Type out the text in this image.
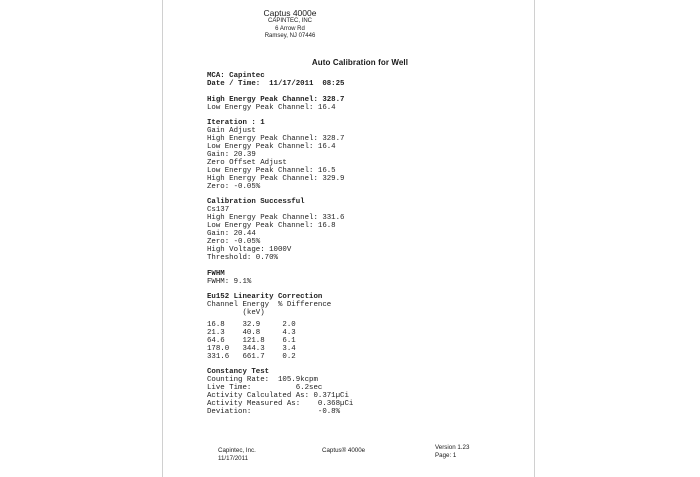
Captus 4000e
CAPINTEC, INC
6 Arrow Rd
Ramsey, NJ 07446
Auto Calibration for Well
MCA: Capintec
Date / Time:  11/17/2011  08:25
High Energy Peak Channel: 328.7
Low Energy Peak Channel: 16.4
Iteration : 1
Gain Adjust
High Energy Peak Channel: 328.7
Low Energy Peak Channel: 16.4
Gain: 20.39
Zero Offset Adjust
Low Energy Peak Channel: 16.5
High Energy Peak Channel: 329.9
Zero: -0.05%
Calibration Successful
Cs137
High Energy Peak Channel: 331.6
Low Energy Peak Channel: 16.8
Gain: 20.44
Zero: -0.05%
High Voltage: 1000V
Threshold: 0.70%
FWHM
FWHM: 9.1%
Eu152 Linearity Correction
Channel Energy  % Difference
(keV)
16.8    32.9     2.0
21.3    40.8     4.3
64.6    121.8    6.1
178.0   344.3    3.4
331.6   661.7    0.2
Constancy Test
Counting Rate:  105.9kcpm
Live Time:          6.2sec
Activity Calculated As: 0.371µCi
Activity Measured As:    0.368µCi
Deviation:               -0.8%
Capintec, Inc.
11/17/2011
Captus® 4000e	Version 1.23
Page: 1
